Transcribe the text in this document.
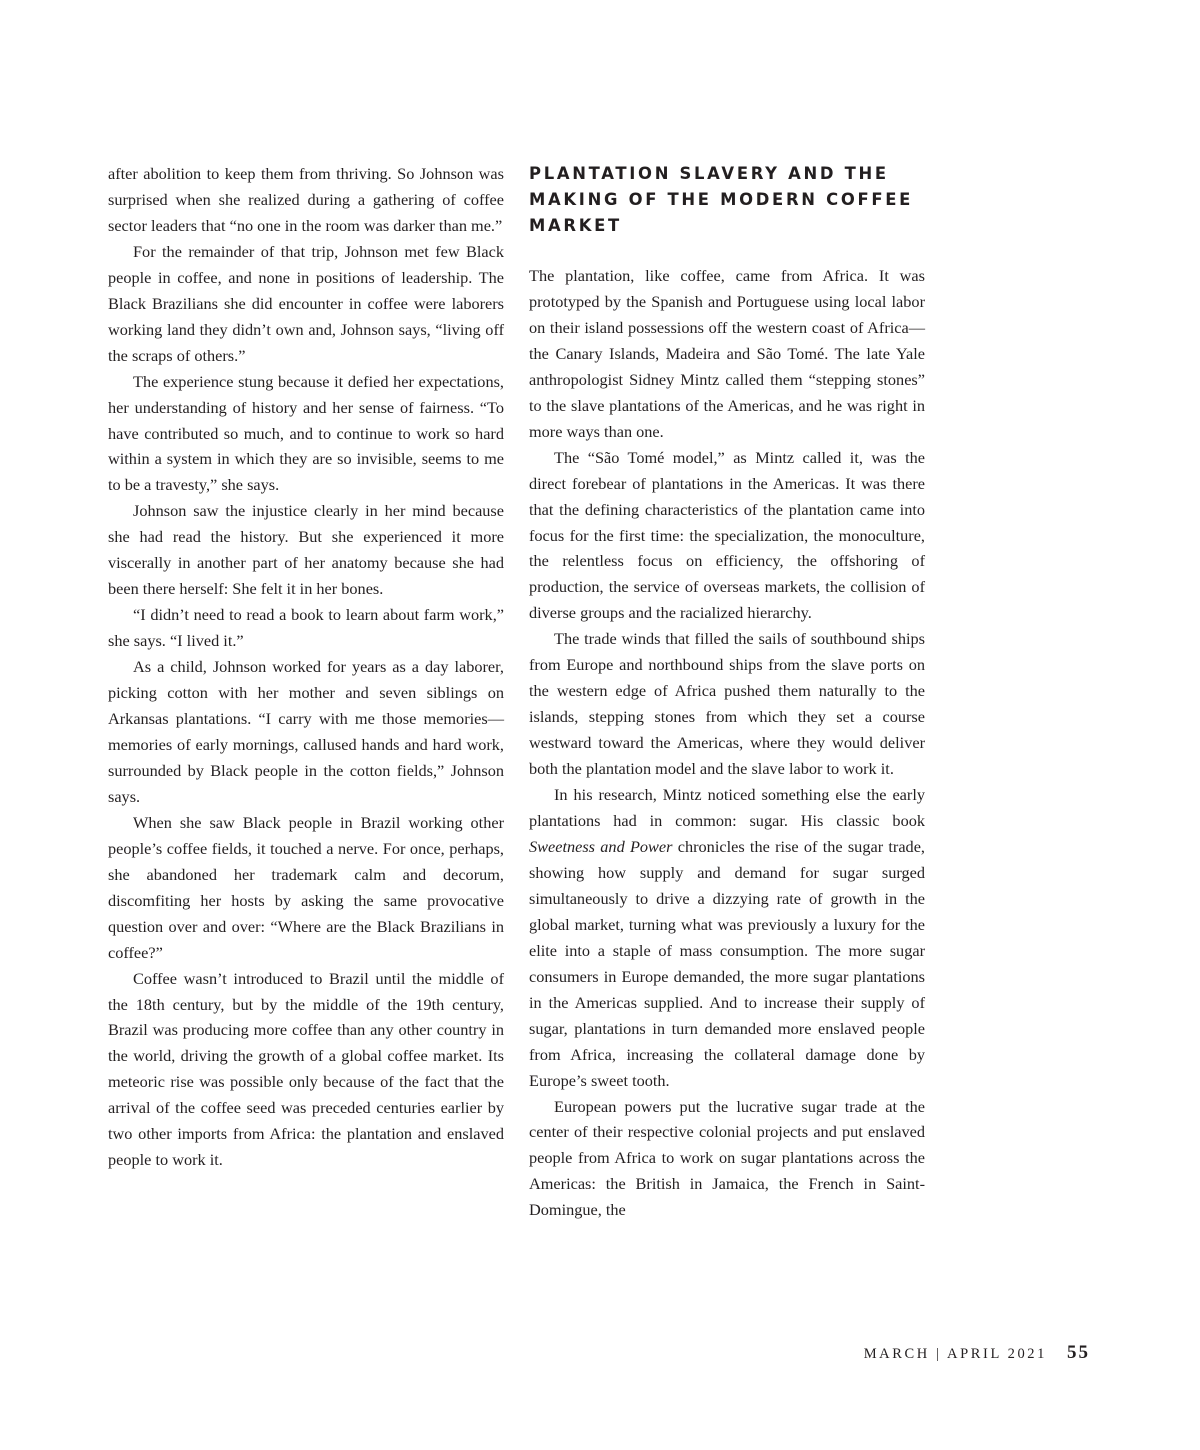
after abolition to keep them from thriving. So Johnson was surprised when she realized during a gathering of coffee sector leaders that “no one in the room was darker than me.”

For the remainder of that trip, Johnson met few Black people in coffee, and none in positions of leadership. The Black Brazilians she did encounter in coffee were laborers working land they didn’t own and, Johnson says, “living off the scraps of others.”

The experience stung because it defied her expectations, her understanding of history and her sense of fairness. “To have contributed so much, and to continue to work so hard within a system in which they are so invisible, seems to me to be a travesty,” she says.

Johnson saw the injustice clearly in her mind because she had read the history. But she experienced it more viscerally in another part of her anatomy because she had been there herself: She felt it in her bones.

“I didn’t need to read a book to learn about farm work,” she says. “I lived it.”

As a child, Johnson worked for years as a day laborer, picking cotton with her mother and seven siblings on Arkansas plantations. “I carry with me those memories—memories of early mornings, callused hands and hard work, surrounded by Black people in the cotton fields,” Johnson says.

When she saw Black people in Brazil working other people’s coffee fields, it touched a nerve. For once, perhaps, she abandoned her trademark calm and decorum, discomfiting her hosts by asking the same provocative question over and over: “Where are the Black Brazilians in coffee?”

Coffee wasn’t introduced to Brazil until the middle of the 18th century, but by the middle of the 19th century, Brazil was producing more coffee than any other country in the world, driving the growth of a global coffee market. Its meteoric rise was possible only because of the fact that the arrival of the coffee seed was preceded centuries earlier by two other imports from Africa: the plantation and enslaved people to work it.

PLANTATION SLAVERY AND THE
MAKING OF THE MODERN COFFEE
MARKET

The plantation, like coffee, came from Africa. It was prototyped by the Spanish and Portuguese using local labor on their island possessions off the western coast of Africa—the Canary Islands, Madeira and São Tomé. The late Yale anthropologist Sidney Mintz called them “stepping stones” to the slave plantations of the Americas, and he was right in more ways than one.

The “São Tomé model,” as Mintz called it, was the direct forebear of plantations in the Americas. It was there that the defining characteristics of the plantation came into focus for the first time: the specialization, the monoculture, the relentless focus on efficiency, the offshoring of production, the service of overseas markets, the collision of diverse groups and the racialized hierarchy.

The trade winds that filled the sails of southbound ships from Europe and northbound ships from the slave ports on the western edge of Africa pushed them naturally to the islands, stepping stones from which they set a course westward toward the Americas, where they would deliver both the plantation model and the slave labor to work it.

In his research, Mintz noticed something else the early plantations had in common: sugar. His classic book Sweetness and Power chronicles the rise of the sugar trade, showing how supply and demand for sugar surged simultaneously to drive a dizzying rate of growth in the global market, turning what was previously a luxury for the elite into a staple of mass consumption. The more sugar consumers in Europe demanded, the more sugar plantations in the Americas supplied. And to increase their supply of sugar, plantations in turn demanded more enslaved people from Africa, increasing the collateral damage done by Europe’s sweet tooth.

European powers put the lucrative sugar trade at the center of their respective colonial projects and put enslaved people from Africa to work on sugar plantations across the Americas: the British in Jamaica, the French in Saint-Domingue, the

MARCH | APRIL 2021 55
